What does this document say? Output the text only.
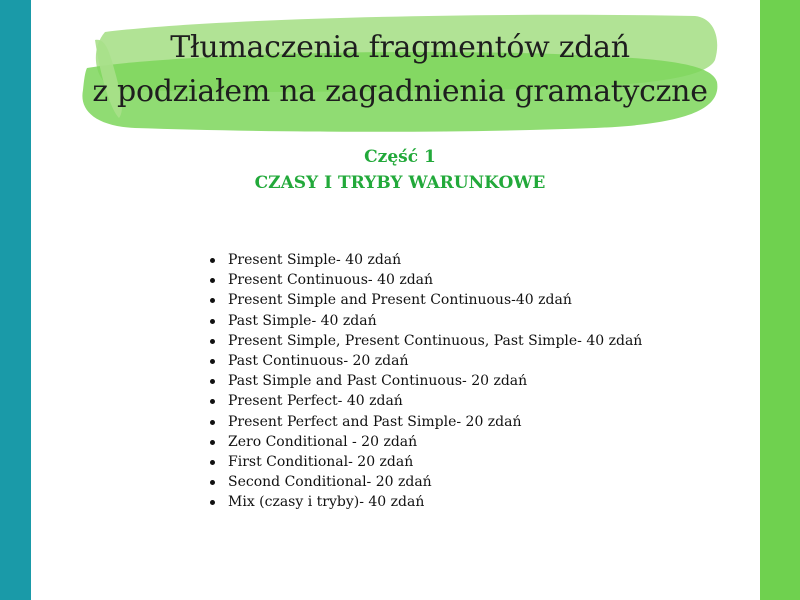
Tłumaczenia fragmentów zdań
z podziałem na zagadnienia gramatyczne
Część 1
CZASY I TRYBY WARUNKOWE
Present Simple- 40 zdań
Present Continuous- 40 zdań
Present Simple and Present Continuous-40 zdań
Past Simple- 40 zdań
Present Simple, Present Continuous, Past Simple- 40 zdań
Past Continuous- 20 zdań
Past Simple and Past Continuous- 20 zdań
Present Perfect- 40 zdań
Present Perfect and Past Simple- 20 zdań
Zero Conditional - 20 zdań
First Conditional- 20 zdań
Second Conditional- 20 zdań
Mix (czasy i tryby)- 40 zdań
